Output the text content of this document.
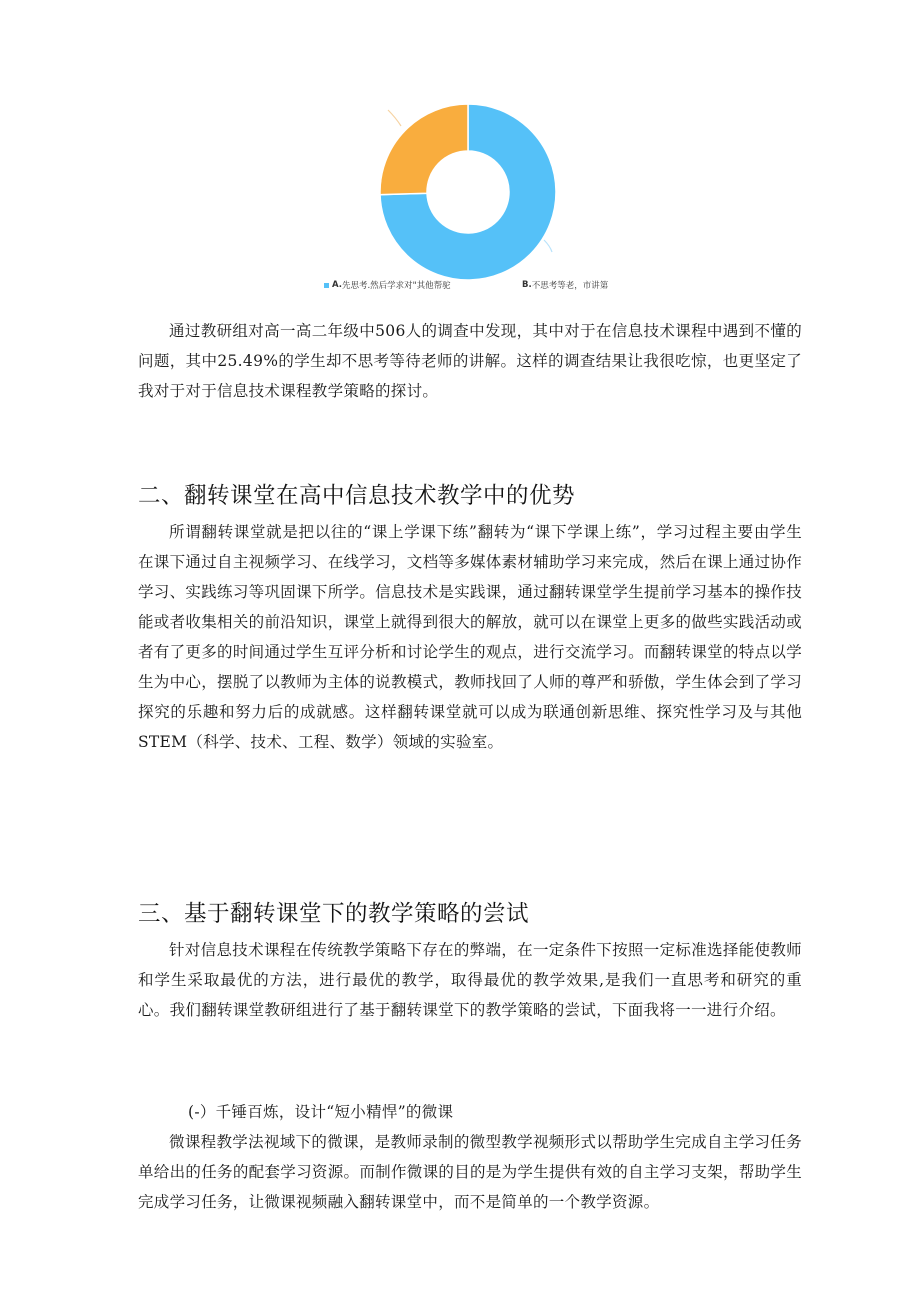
A. 先思考.然后学求对"其他帮驼	B. 不思考等老，市讲第

通过教研组对高一高二年级中506人的调查中发现，其中对于在信息技术课程中遇到不懂的问题，其中25.49%的学生却不思考等待老师的讲解。这样的调查结果让我很吃惊，也更坚定了我对于对于信息技术课程教学策略的探讨。

二、翻转课堂在高中信息技术教学中的优势

所谓翻转课堂就是把以往的“课上学课下练”翻转为“课下学课上练”，学习过程主要由学生在课下通过自主视频学习、在线学习，文档等多媒体素材辅助学习来完成，然后在课上通过协作学习、实践练习等巩固课下所学。信息技术是实践课，通过翻转课堂学生提前学习基本的操作技能或者收集相关的前沿知识，课堂上就得到很大的解放，就可以在课堂上更多的做些实践活动或者有了更多的时间通过学生互评分析和讨论学生的观点，进行交流学习。而翻转课堂的特点以学生为中心，摆脱了以教师为主体的说教模式，教师找回了人师的尊严和骄傲，学生体会到了学习探究的乐趣和努力后的成就感。这样翻转课堂就可以成为联通创新思维、探究性学习及与其他STEM（科学、技术、工程、数学）领域的实验室。

三、基于翻转课堂下的教学策略的尝试

针对信息技术课程在传统教学策略下存在的弊端，在一定条件下按照一定标准选择能使教师和学生采取最优的方法，进行最优的教学，取得最优的教学效果,是我们一直思考和研究的重心。我们翻转课堂教研组进行了基于翻转课堂下的教学策略的尝试，下面我将一一进行介绍。

(-）千锤百炼，设计“短小精悍”的微课

微课程教学法视域下的微课，是教师录制的微型教学视频形式以帮助学生完成自主学习任务单给出的任务的配套学习资源。而制作微课的目的是为学生提供有效的自主学习支架，帮助学生完成学习任务，让微课视频融入翻转课堂中，而不是简单的一个教学资源。
